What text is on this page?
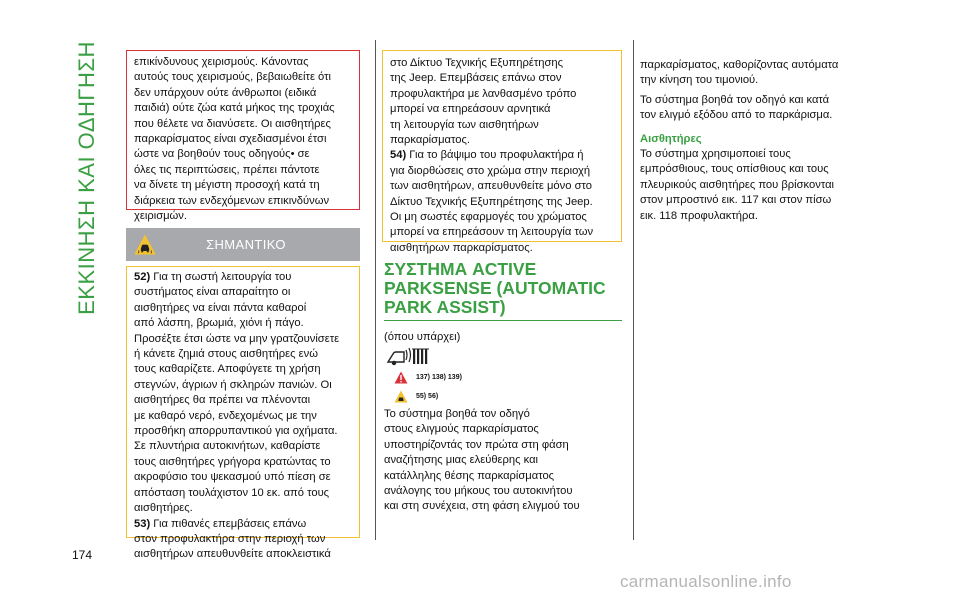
ΕΚΚΙΝΗΣΗ ΚΑΙ ΟΔΗΓΗΣΗ	επικίνδυνους χειρισμούς. Κάνοντας
αυτούς τους χειρισμούς, βεβαιωθείτε ότι
δεν υπάρχουν ούτε άνθρωποι (ειδικά
παιδιά) ούτε ζώα κατά μήκος της τροχιάς
που θέλετε να διανύσετε. Οι αισθητήρες
παρκαρίσματος είναι σχεδιασμένοι έτσι
ώστε να βοηθούν τους οδηγούς• σε
όλες τις περιπτώσεις, πρέπει πάντοτε
να δίνετε τη μέγιστη προσοχή κατά τη
διάρκεια των ενδεχόμενων επικινδύνων
χειρισμών.

ΣΗΜΑΝΤΙΚΟ

52) Για τη σωστή λειτουργία του
συστήματος είναι απαραίτητο οι
αισθητήρες να είναι πάντα καθαροί
από λάσπη, βρωμιά, χιόνι ή πάγο.
Προσέξτε έτσι ώστε να μην γρατζουνίσετε
ή κάνετε ζημιά στους αισθητήρες ενώ
τους καθαρίζετε. Αποφύγετε τη χρήση
στεγνών, άγριων ή σκληρών πανιών. Οι
αισθητήρες θα πρέπει να πλένονται
με καθαρό νερό, ενδεχομένως με την
προσθήκη απορρυπαντικού για οχήματα.
Σε πλυντήρια αυτοκινήτων, καθαρίστε
τους αισθητήρες γρήγορα κρατώντας το
ακροφύσιο του ψεκασμού υπό πίεση σε
απόσταση τουλάχιστον 10 εκ. από τους
αισθητήρες.

53) Για πιθανές επεμβάσεις επάνω
στον προφυλακτήρα στην περιοχή των
αισθητήρων απευθυνθείτε αποκλειστικά

στο Δίκτυο Τεχνικής Εξυπηρέτησης
της Jeep. Επεμβάσεις επάνω στον
προφυλακτήρα με λανθασμένο τρόπο
μπορεί να επηρεάσουν αρνητικά
τη λειτουργία των αισθητήρων
παρκαρίσματος.

54) Για το βάψιμο του προφυλακτήρα ή
για διορθώσεις στο χρώμα στην περιοχή
των αισθητήρων, απευθυνθείτε μόνο στο
Δίκτυο Τεχνικής Εξυπηρέτησης της Jeep.
Οι μη σωστές εφαρμογές του χρώματος
μπορεί να επηρεάσουν τη λειτουργία των
αισθητήρων παρκαρίσματος.

ΣΥΣΤΗΜΑ ACTIVE
PARKSENSE (AUTOMATIC
PARK ASSIST)
(όπου υπάρχει)
137) 138) 139)
55) 56)

Το σύστημα βοηθά τον οδηγό
στους ελιγμούς παρκαρίσματος
υποστηρίζοντάς τον πρώτα στη φάση
αναζήτησης μιας ελεύθερης και
κατάλληλης θέσης παρκαρίσματος
ανάλογης του μήκους του αυτοκινήτου
και στη συνέχεια, στη φάση ελιγμού του

παρκαρίσματος, καθορίζοντας αυτόματα
την κίνηση του τιμονιού.

Το σύστημα βοηθά τον οδηγό και κατά
τον ελιγμό εξόδου από το παρκάρισμα.

Αισθητήρες

Το σύστημα χρησιμοποιεί τους
εμπρόσθιους, τους οπίσθιους και τους
πλευρικούς αισθητήρες που βρίσκονται
στον μπροστινό εικ. 117 και στον πίσω
εικ. 118 προφυλακτήρα.

174
carmanualsonline.info
